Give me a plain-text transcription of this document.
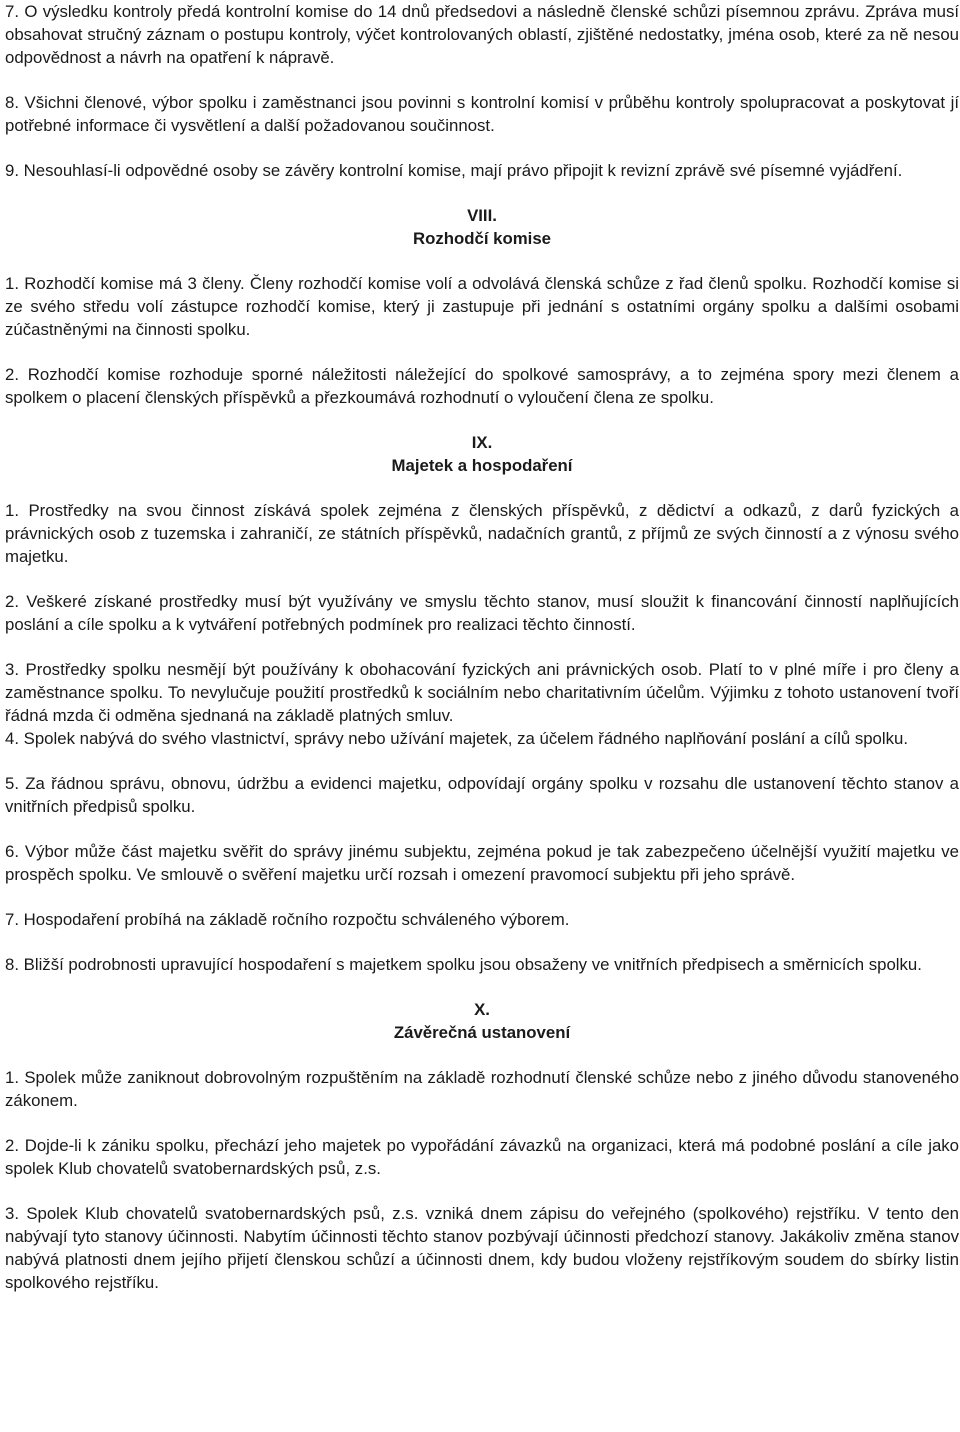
7. O výsledku kontroly předá kontrolní komise do 14 dnů předsedovi a následně členské schůzi písemnou zprávu. Zpráva musí obsahovat stručný záznam o postupu kontroly, výčet kontrolovaných oblastí, zjištěné nedostatky, jména osob, které za ně nesou odpovědnost a návrh na opatření k nápravě.

8. Všichni členové, výbor spolku i zaměstnanci jsou povinni s kontrolní komisí v průběhu kontroly spolupracovat a poskytovat jí potřebné informace či vysvětlení a další požadovanou součinnost.

9. Nesouhlasí-li odpovědné osoby se závěry kontrolní komise, mají právo připojit k revizní zprávě své písemné vyjádření.

VIII.

Rozhodčí komise

1. Rozhodčí komise má 3 členy. Členy rozhodčí komise volí a odvolává členská schůze z řad členů spolku. Rozhodčí komise si ze svého středu volí zástupce rozhodčí komise, který ji zastupuje při jednání s ostatními orgány spolku a dalšími osobami zúčastněnými na činnosti spolku.

2. Rozhodčí komise rozhoduje sporné náležitosti náležející do spolkové samosprávy, a to zejména spory mezi členem a spolkem o placení členských příspěvků a přezkoumává rozhodnutí o vyloučení člena ze spolku.

IX.

Majetek a hospodaření

1. Prostředky na svou činnost získává spolek zejména z členských příspěvků, z dědictví a odkazů, z darů fyzických a právnických osob z tuzemska i zahraničí, ze státních příspěvků, nadačních grantů, z příjmů ze svých činností a z výnosu svého majetku.

2. Veškeré získané prostředky musí být využívány ve smyslu těchto stanov, musí sloužit k financování činností naplňujících poslání a cíle spolku a k vytváření potřebných podmínek pro realizaci těchto činností.

3. Prostředky spolku nesmějí být používány k obohacování fyzických ani právnických osob. Platí to v plné míře i pro členy a zaměstnance spolku. To nevylučuje použití prostředků k sociálním nebo charitativním účelům. Výjimku z tohoto ustanovení tvoří řádná mzda či odměna sjednaná na základě platných smluv.

4. Spolek nabývá do svého vlastnictví, správy nebo užívání majetek, za účelem řádného naplňování poslání a cílů spolku.

5. Za řádnou správu, obnovu, údržbu a evidenci majetku, odpovídají orgány spolku v rozsahu dle ustanovení těchto stanov a vnitřních předpisů spolku.

6. Výbor může část majetku svěřit do správy jinému subjektu, zejména pokud je tak zabezpečeno účelnější využití majetku ve prospěch spolku. Ve smlouvě o svěření majetku určí rozsah i omezení pravomocí subjektu při jeho správě.

7. Hospodaření probíhá na základě ročního rozpočtu schváleného výborem.

8. Bližší podrobnosti upravující hospodaření s majetkem spolku jsou obsaženy ve vnitřních předpisech a směrnicích spolku.

X.

Závěrečná ustanovení

1. Spolek může zaniknout dobrovolným rozpuštěním na základě rozhodnutí členské schůze nebo z jiného důvodu stanoveného zákonem.

2. Dojde-li k zániku spolku, přechází jeho majetek po vypořádání závazků na organizaci, která má podobné poslání a cíle jako spolek Klub chovatelů svatobernardských psů, z.s.

3. Spolek Klub chovatelů svatobernardských psů, z.s. vzniká dnem zápisu do veřejného (spolkového) rejstříku. V tento den nabývají tyto stanovy účinnosti. Nabytím účinnosti těchto stanov pozbývají účinnosti předchozí stanovy. Jakákoliv změna stanov nabývá platnosti dnem jejího přijetí členskou schůzí a účinnosti dnem, kdy budou vloženy rejstříkovým soudem do sbírky listin spolkového rejstříku.
